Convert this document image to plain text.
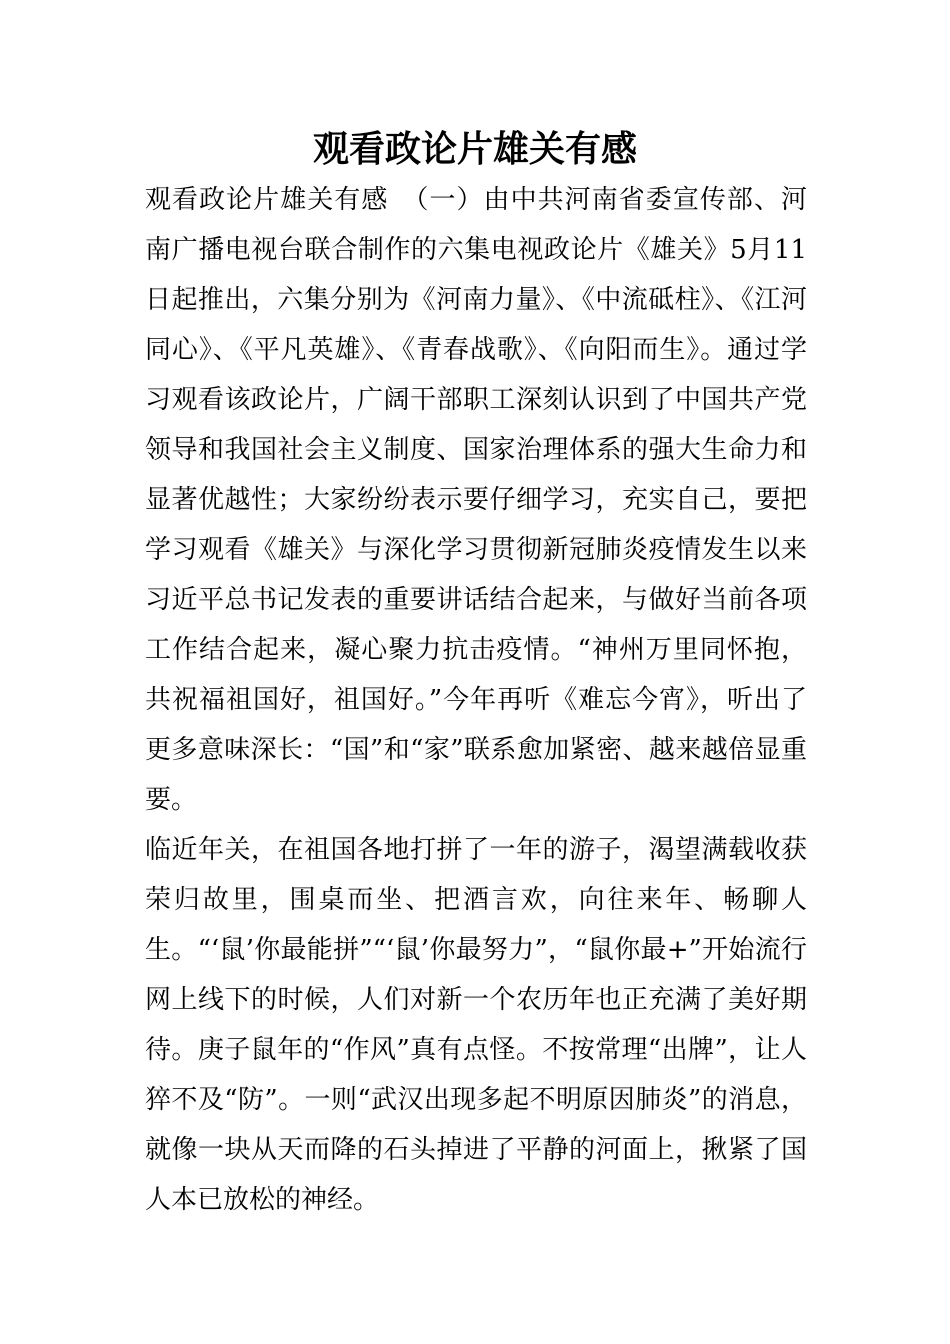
观看政论片雄关有感

观看政论片雄关有感　（一）由中共河南省委宣传部、河南广播电视台联合制作的六集电视政论片《雄关》5月11日起推出，六集分别为《河南力量》、《中流砥柱》、《江河同心》、《平凡英雄》、《青春战歌》、《向阳而生》。通过学习观看该政论片，广阔干部职工深刻认识到了中国共产党领导和我国社会主义制度、国家治理体系的强大生命力和显著优越性；大家纷纷表示要仔细学习，充实自己，要把学习观看《雄关》与深化学习贯彻新冠肺炎疫情发生以来习近平总书记发表的重要讲话结合起来，与做好当前各项工作结合起来，凝心聚力抗击疫情。“神州万里同怀抱，共祝福祖国好，祖国好。”今年再听《难忘今宵》，听出了更多意味深长：“国”和“家”联系愈加紧密、越来越倍显重要。

临近年关，在祖国各地打拼了一年的游子，渴望满载收获荣归故里，围桌而坐、把酒言欢，向往来年、畅聊人生。“‘鼠’你最能拼”“‘鼠’你最努力”，“鼠你最+”开始流行网上线下的时候，人们对新一个农历年也正充满了美好期待。庚子鼠年的“作风”真有点怪。不按常理“出牌”，让人猝不及“防”。一则“武汉出现多起不明原因肺炎”的消息，就像一块从天而降的石头掉进了平静的河面上，揪紧了国人本已放松的神经。
